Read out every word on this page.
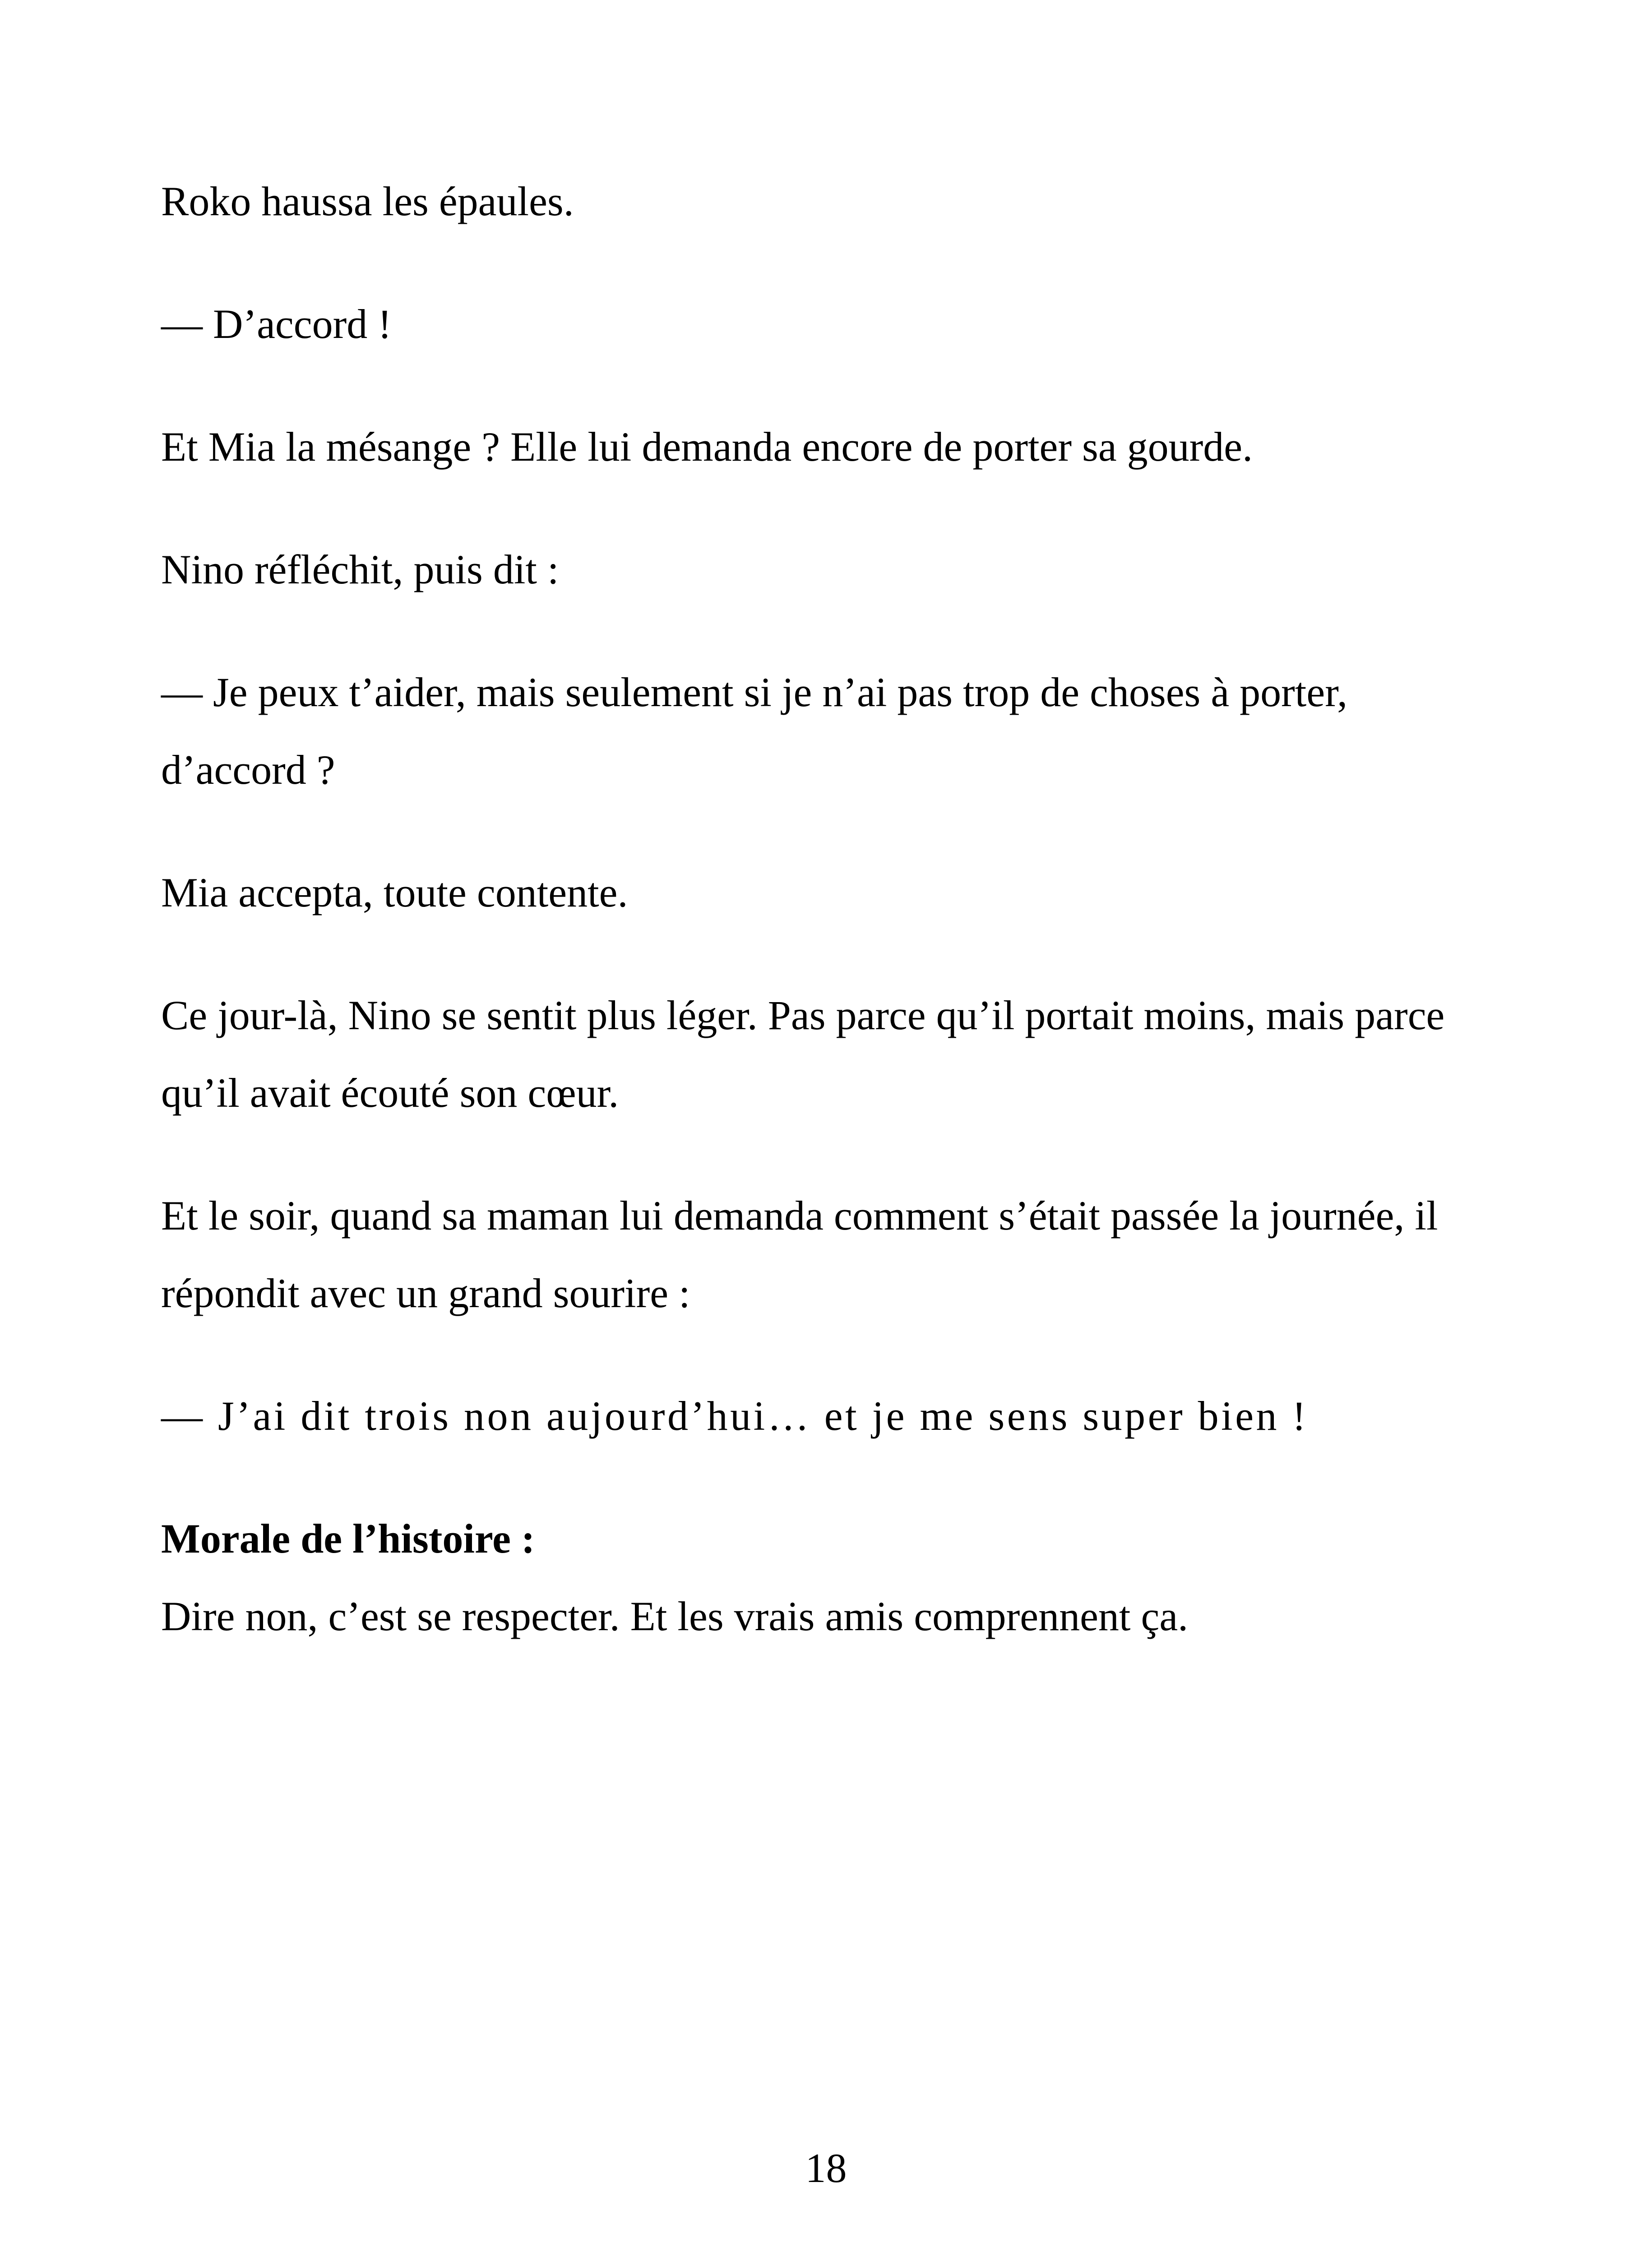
Roko haussa les épaules.

— D’accord !

Et Mia la mésange ? Elle lui demanda encore de porter sa gourde.

Nino réfléchit, puis dit :

— Je peux t’aider, mais seulement si je n’ai pas trop de choses à porter, d’accord ?

Mia accepta, toute contente.

Ce jour-là, Nino se sentit plus léger. Pas parce qu’il portait moins, mais parce qu’il avait écouté son cœur.

Et le soir, quand sa maman lui demanda comment s’était passée la journée, il répondit avec un grand sourire :

— J’ai dit trois non aujourd’hui… et je me sens super bien !

Morale de l’histoire :

Dire non, c’est se respecter. Et les vrais amis comprennent ça.

18
